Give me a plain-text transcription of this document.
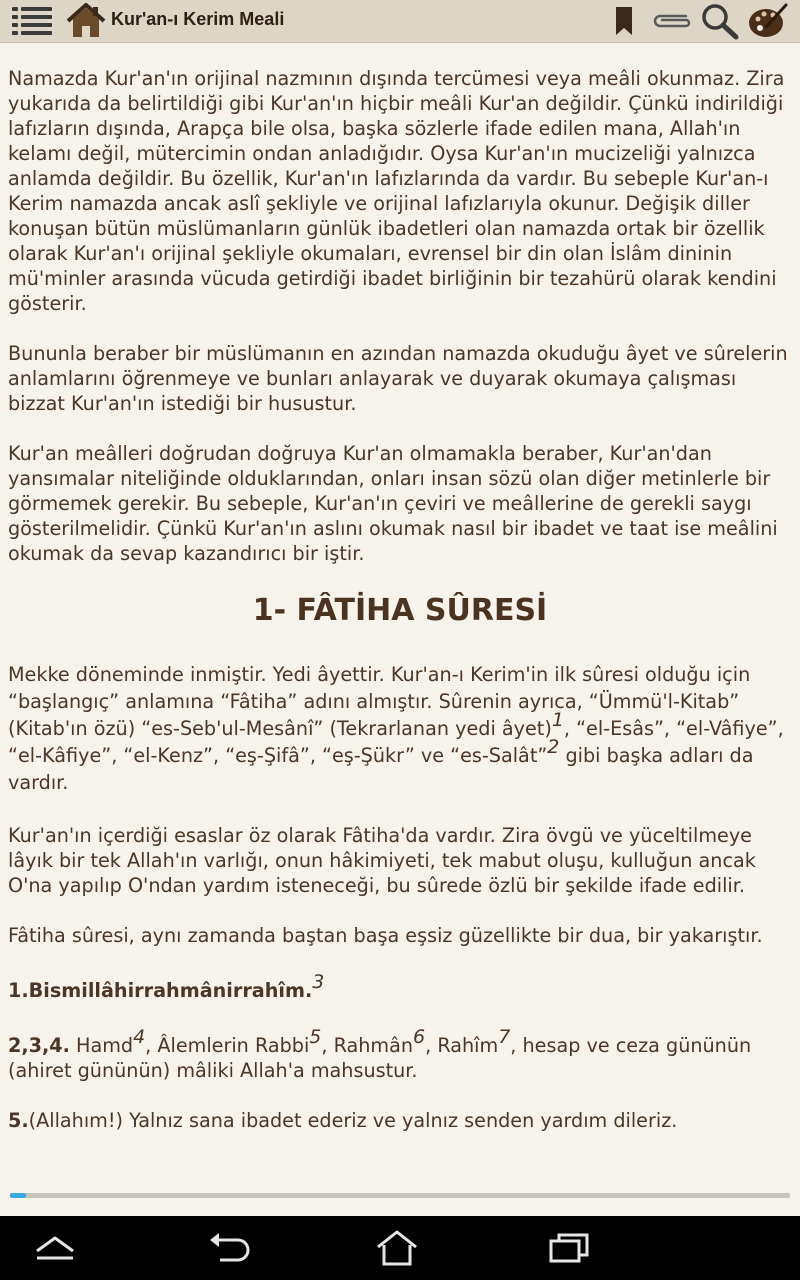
Kur'an-ı Kerim Meali

Namazda Kur'an'ın orijinal nazmının dışında tercümesi veya meâli okunmaz. Zira yukarıda da belirtildiği gibi Kur'an'ın hiçbir meâli Kur'an değildir. Çünkü indirildiği lafızların dışında, Arapça bile olsa, başka sözlerle ifade edilen mana, Allah'ın kelamı değil, mütercimin ondan anladığıdır. Oysa Kur'an'ın mucizeliği yalnızca anlamda değildir. Bu özellik, Kur'an'ın lafızlarında da vardır. Bu sebeple Kur'an-ı Kerim namazda ancak aslî şekliyle ve orijinal lafızlarıyla okunur. Değişik diller konuşan bütün müslümanların günlük ibadetleri olan namazda ortak bir özellik olarak Kur'an'ı orijinal şekliyle okumaları, evrensel bir din olan İslâm dininin mü'minler arasında vücuda getirdiği ibadet birliğinin bir tezahürü olarak kendini gösterir.

Bununla beraber bir müslümanın en azından namazda okuduğu âyet ve sûrelerin anlamlarını öğrenmeye ve bunları anlayarak ve duyarak okumaya çalışması bizzat Kur'an'ın istediği bir husustur.

Kur'an meâlleri doğrudan doğruya Kur'an olmamakla beraber, Kur'an'dan yansımalar niteliğinde olduklarından, onları insan sözü olan diğer metinlerle bir görmemek gerekir. Bu sebeple, Kur'an'ın çeviri ve meâllerine de gerekli saygı gösterilmelidir. Çünkü Kur'an'ın aslını okumak nasıl bir ibadet ve taat ise meâlini okumak da sevap kazandırıcı bir iştir.

1- FÂTİHA SÛRESİ

Mekke döneminde inmiştir. Yedi âyettir. Kur'an-ı Kerim'in ilk sûresi olduğu için “başlangıç” anlamına “Fâtiha” adını almıştır. Sûrenin ayrıca, “Ümmü'l-Kitab” (Kitab'ın özü) “es-Seb'ul-Mesânî” (Tekrarlanan yedi âyet)$^1$, “el-Esâs”, “el-Vâfiye”, “el-Kâfiye”, “el-Kenz”, “eş-Şifâ”, “eş-Şükr” ve “es-Salât”$^2$ gibi başka adları da vardır.

Kur'an'ın içerdiği esaslar öz olarak Fâtiha'da vardır. Zira övgü ve yüceltilmeye lâyık bir tek Allah'ın varlığı, onun hâkimiyeti, tek mabut oluşu, kulluğun ancak O'na yapılıp O'ndan yardım isteneceği, bu sûrede özlü bir şekilde ifade edilir.

Fâtiha sûresi, aynı zamanda baştan başa eşsiz güzellikte bir dua, bir yakarıştır.

1.Bismillâhirrahmânirrahîm.$^3$

2,3,4. Hamd$^4$, Âlemlerin Rabbi$^5$, Rahmân$^6$, Rahîm$^7$, hesap ve ceza gününün (ahiret gününün) mâliki Allah'a mahsustur.

5.(Allahım!) Yalnız sana ibadet ederiz ve yalnız senden yardım dileriz.
